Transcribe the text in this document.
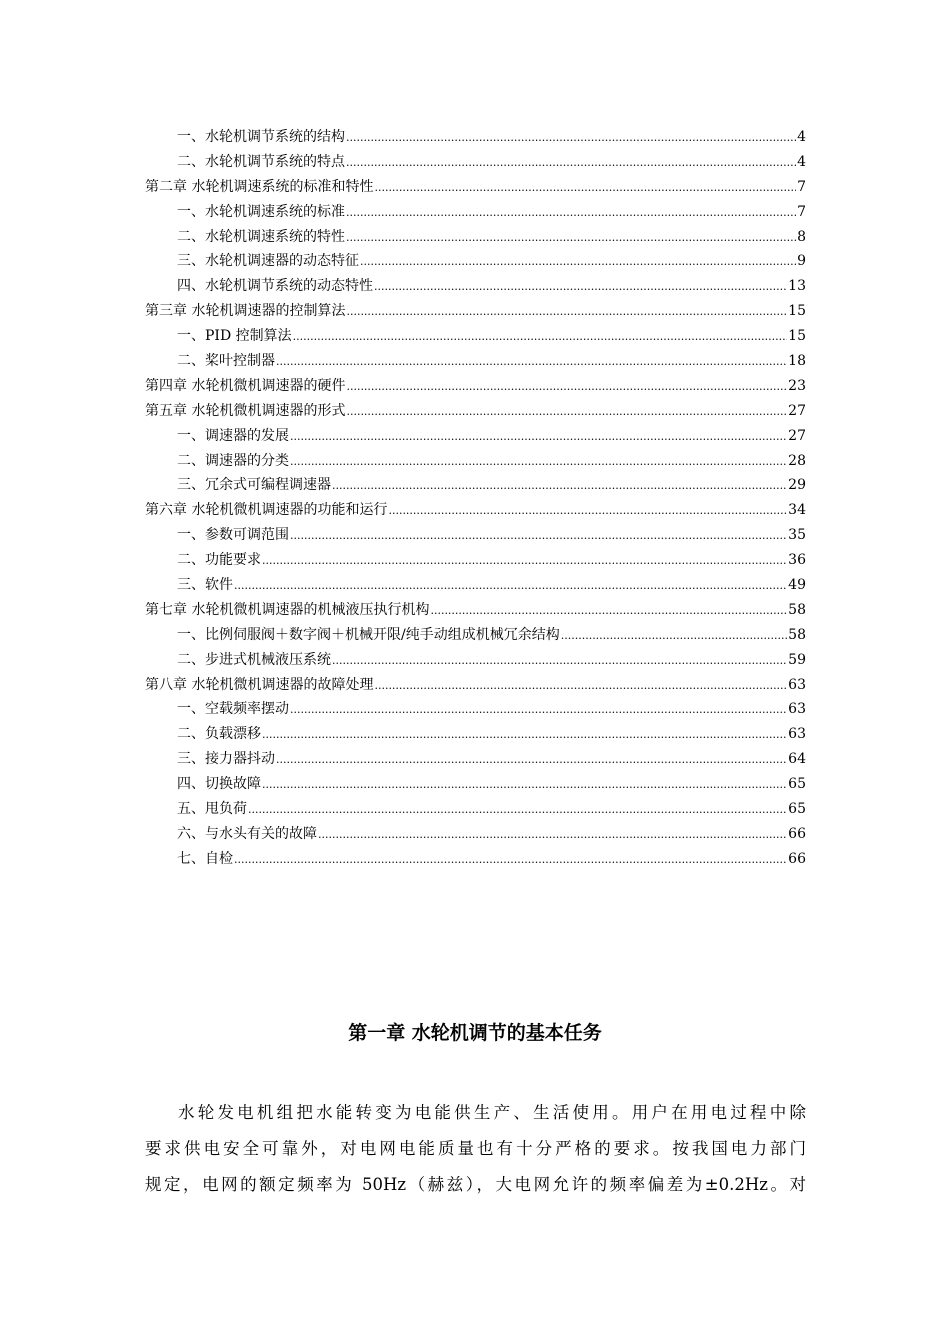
一、水轮机调节系统的结构 .....	4
二、水轮机调节系统的特点 .....	4
第二章 水轮机调速系统的标准和特性 .....	7
一、水轮机调速系统的标准 .....	7
二、水轮机调速系统的特性 .....	8
三、水轮机调速器的动态特征 .....	9
四、水轮机调节系统的动态特性 .....	13
第三章 水轮机调速器的控制算法 .....	15
一、PID 控制算法 .....	15
二、桨叶控制器 .....	18
第四章 水轮机微机调速器的硬件 .....	23
第五章 水轮机微机调速器的形式 .....	27
一、调速器的发展 .....	27
二、调速器的分类 .....	28
三、冗余式可编程调速器 .....	29
第六章 水轮机微机调速器的功能和运行 .....	34
一、参数可调范围 .....	35
二、功能要求 .....	36
三、软件 .....	49
第七章 水轮机微机调速器的机械液压执行机构 .....	58
一、比例伺服阀＋数字阀＋机械开限/纯手动组成机械冗余结构 .....	58
二、步进式机械液压系统 .....	59
第八章 水轮机微机调速器的故障处理 .....	63
一、空载频率摆动 .....	63
二、负载漂移 .....	63
三、接力器抖动 .....	64
四、切换故障 .....	65
五、甩负荷 .....	65
六、与水头有关的故障 .....	66
七、自检 .....	66
第一章 水轮机调节的基本任务
水轮发电机组把水能转变为电能供生产、生活使用。用户在用电过程中除
要求供电安全可靠外，对电网电能质量也有十分严格的要求。按我国电力部门
规定，电网的额定频率为 50Hz（赫兹），大电网允许的频率偏差为±0.2Hz。对
